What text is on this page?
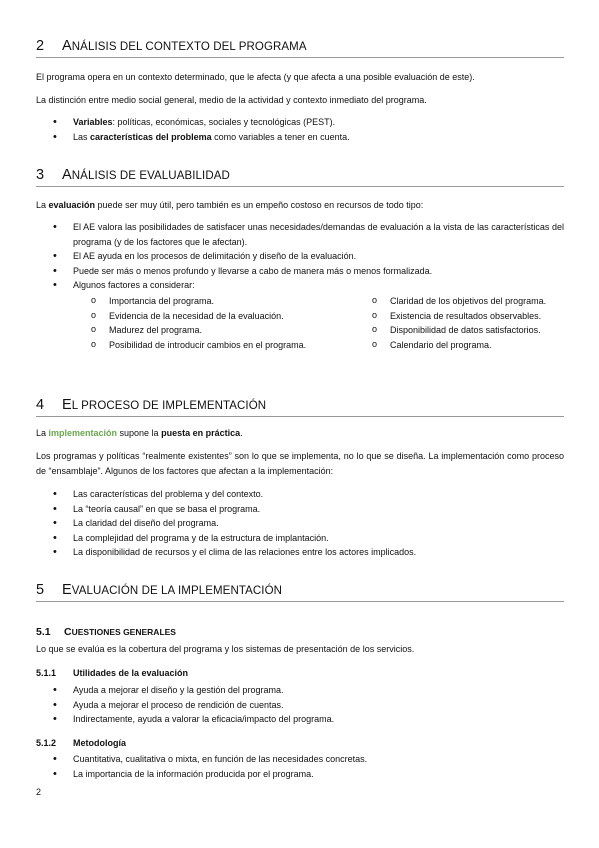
2 ANÁLISIS DEL CONTEXTO DEL PROGRAMA

El programa opera en un contexto determinado, que le afecta (y que afecta a una posible evaluación de este).

La distinción entre medio social general, medio de la actividad y contexto inmediato del programa.

• Variables: políticas, económicas, sociales y tecnológicas (PEST).
• Las características del problema como variables a tener en cuenta.
3 ANÁLISIS DE EVALUABILIDAD

La evaluación puede ser muy útil, pero también es un empeño costoso en recursos de todo tipo:

• El AE valora las posibilidades de satisfacer unas necesidades/demandas de evaluación a la vista de las características del programa (y de los factores que le afectan).
• El AE ayuda en los procesos de delimitación y diseño de la evaluación.
• Puede ser más o menos profundo y llevarse a cabo de manera más o menos formalizada.
• Algunos factores a considerar:
o Importancia del programa.
o Evidencia de la necesidad de la evaluación.
o Madurez del programa.
o Posibilidad de introducir cambios en el programa.
o Claridad de los objetivos del programa.
o Existencia de resultados observables.
o Disponibilidad de datos satisfactorios.
o Calendario del programa.
4 EL PROCESO DE IMPLEMENTACIÓN

La implementación supone la puesta en práctica.

Los programas y políticas “realmente existentes” son lo que se implementa, no lo que se diseña. La implementación como proceso de “ensamblaje”. Algunos de los factores que afectan a la implementación:

• Las características del problema y del contexto.
• La “teoría causal” en que se basa el programa.
• La claridad del diseño del programa.
• La complejidad del programa y de la estructura de implantación.
• La disponibilidad de recursos y el clima de las relaciones entre los actores implicados.
5 EVALUACIÓN DE LA IMPLEMENTACIÓN
5.1 CUESTIONES GENERALES

Lo que se evalúa es la cobertura del programa y los sistemas de presentación de los servicios.

5.1.1 Utilidades de la evaluación
• Ayuda a mejorar el diseño y la gestión del programa.
• Ayuda a mejorar el proceso de rendición de cuentas.
• Indirectamente, ayuda a valorar la eficacia/impacto del programa.
5.1.2 Metodología
• Cuantitativa, cualitativa o mixta, en función de las necesidades concretas.
• La importancia de la información producida por el programa.
2
